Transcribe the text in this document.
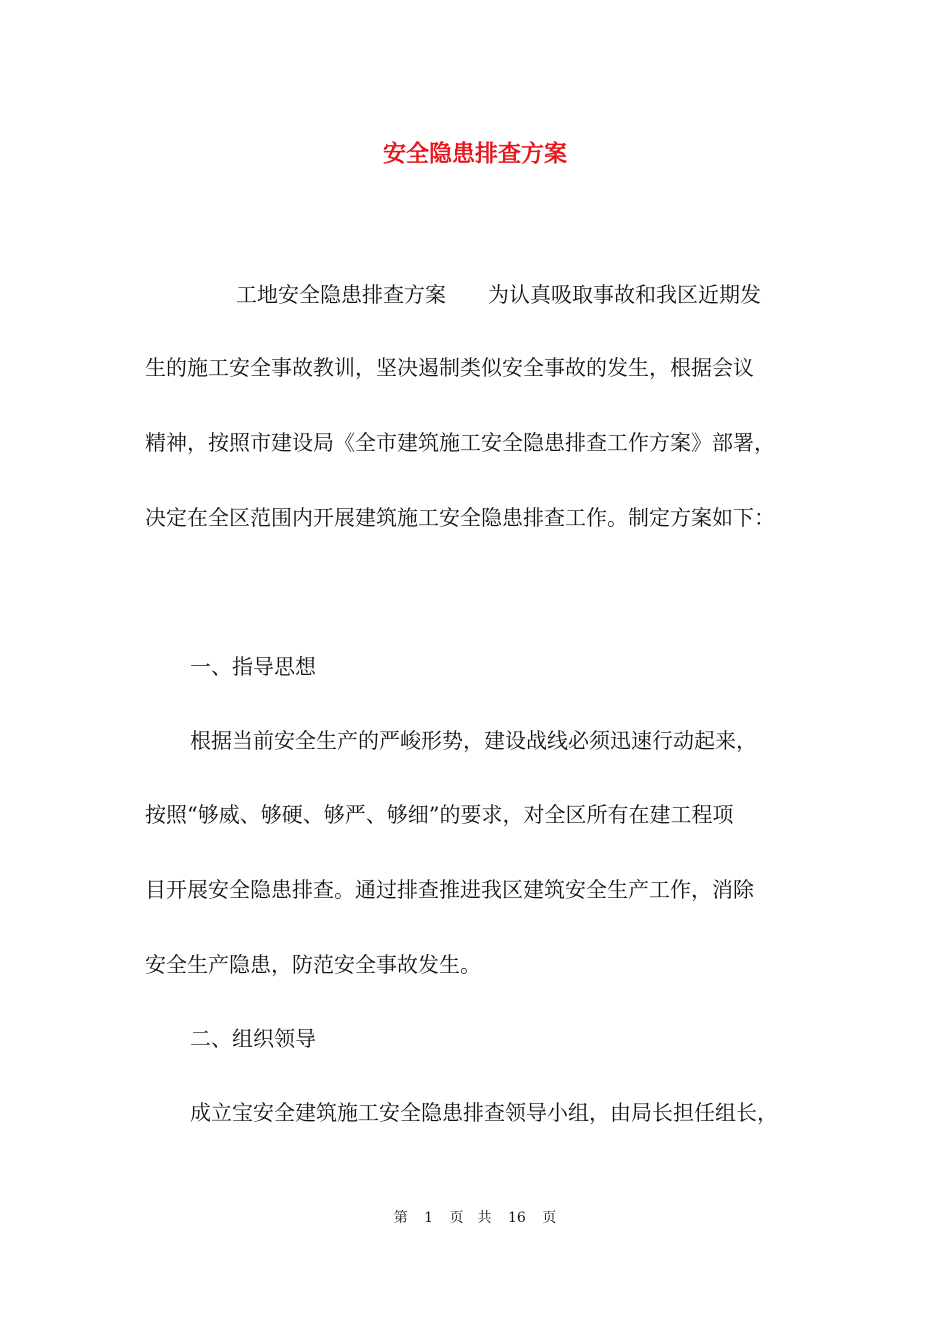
安全隐患排查方案
工地安全隐患排查方案　　为认真吸取事故和我区近期发
生的施工安全事故教训，坚决遏制类似安全事故的发生，根据会议
精神，按照市建设局《全市建筑施工安全隐患排查工作方案》部署，
决定在全区范围内开展建筑施工安全隐患排查工作。制定方案如下：
一、指导思想
根据当前安全生产的严峻形势，建设战线必须迅速行动起来，
按照“够威、够硬、够严、够细”的要求，对全区所有在建工程项
目开展安全隐患排查。通过排查推进我区建筑安全生产工作，消除
安全生产隐患，防范安全事故发生。
二、组织领导
成立宝安全建筑施工安全隐患排查领导小组，由局长担任组长，
第 1 页　共 16 页
